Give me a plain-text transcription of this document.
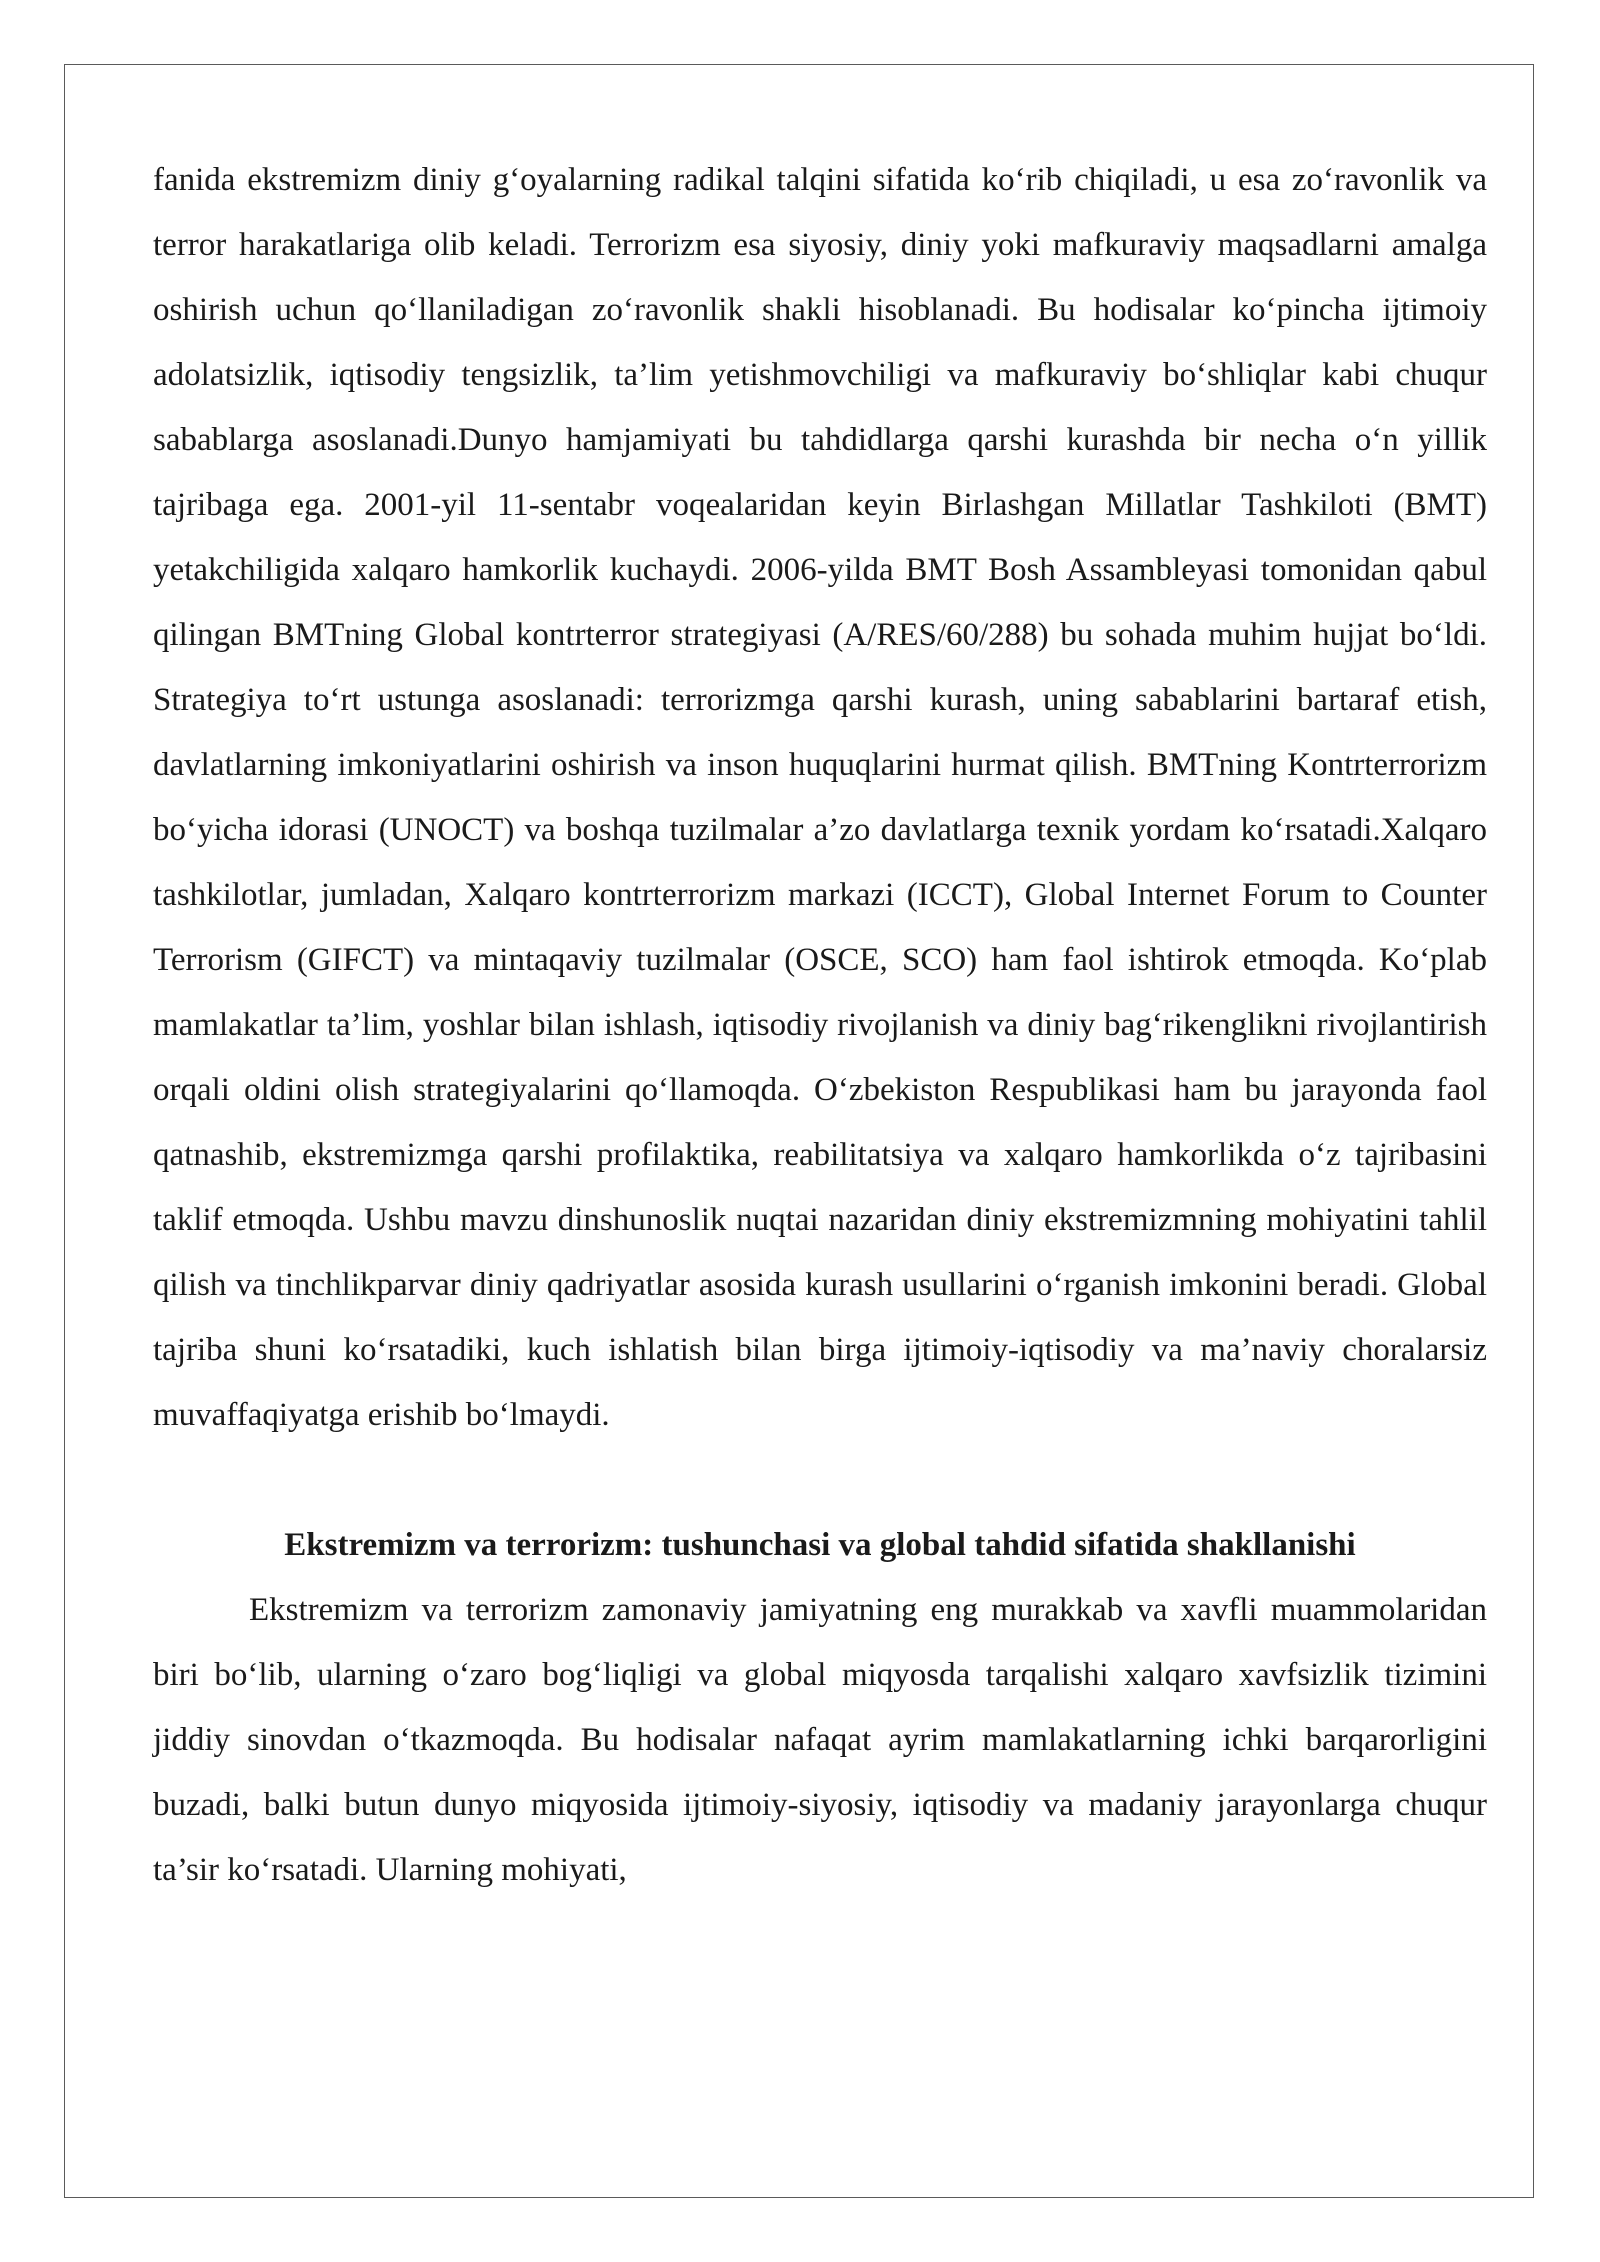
fanida ekstremizm diniy g‘oyalarning radikal talqini sifatida ko‘rib chiqiladi, u esa zo‘ravonlik va terror harakatlariga olib keladi. Terrorizm esa siyosiy, diniy yoki mafkuraviy maqsadlarni amalga oshirish uchun qo‘llaniladigan zo‘ravonlik shakli hisoblanadi. Bu hodisalar ko‘pincha ijtimoiy adolatsizlik, iqtisodiy tengsizlik, ta’lim yetishmovchiligi va mafkuraviy bo‘shliqlar kabi chuqur sabablarga asoslanadi.Dunyo hamjamiyati bu tahdidlarga qarshi kurashda bir necha o‘n yillik tajribaga ega. 2001-yil 11-sentabr voqealaridan keyin Birlashgan Millatlar Tashkiloti (BMT) yetakchiligida xalqaro hamkorlik kuchaydi. 2006-yilda BMT Bosh Assambleyasi tomonidan qabul qilingan BMTning Global kontrterror strategiyasi (A/RES/60/288) bu sohada muhim hujjat bo‘ldi. Strategiya to‘rt ustunga asoslanadi: terrorizmga qarshi kurash, uning sabablarini bartaraf etish, davlatlarning imkoniyatlarini oshirish va inson huquqlarini hurmat qilish. BMTning Kontrterrorizm bo‘yicha idorasi (UNOCT) va boshqa tuzilmalar a’zo davlatlarga texnik yordam ko‘rsatadi.Xalqaro tashkilotlar, jumladan, Xalqaro kontrterrorizm markazi (ICCT), Global Internet Forum to Counter Terrorism (GIFCT) va mintaqaviy tuzilmalar (OSCE, SCO) ham faol ishtirok etmoqda. Ko‘plab mamlakatlar ta’lim, yoshlar bilan ishlash, iqtisodiy rivojlanish va diniy bag‘rikenglikni rivojlantirish orqali oldini olish strategiyalarini qo‘llamoqda. O‘zbekiston Respublikasi ham bu jarayonda faol qatnashib, ekstremizmga qarshi profilaktika, reabilitatsiya va xalqaro hamkorlikda o‘z tajribasini taklif etmoqda. Ushbu mavzu dinshunoslik nuqtai nazaridan diniy ekstremizmning mohiyatini tahlil qilish va tinchlikparvar diniy qadriyatlar asosida kurash usullarini o‘rganish imkonini beradi. Global tajriba shuni ko‘rsatadiki, kuch ishlatish bilan birga ijtimoiy-iqtisodiy va ma’naviy choralarsiz muvaffaqiyatga erishib bo‘lmaydi.

Ekstremizm va terrorizm: tushunchasi va global tahdid sifatida shakllanishi

Ekstremizm va terrorizm zamonaviy jamiyatning eng murakkab va xavfli muammolaridan biri bo‘lib, ularning o‘zaro bog‘liqligi va global miqyosda tarqalishi xalqaro xavfsizlik tizimini jiddiy sinovdan o‘tkazmoqda. Bu hodisalar nafaqat ayrim mamlakatlarning ichki barqarorligini buzadi, balki butun dunyo miqyosida ijtimoiy-siyosiy, iqtisodiy va madaniy jarayonlarga chuqur ta’sir ko‘rsatadi. Ularning mohiyati,
